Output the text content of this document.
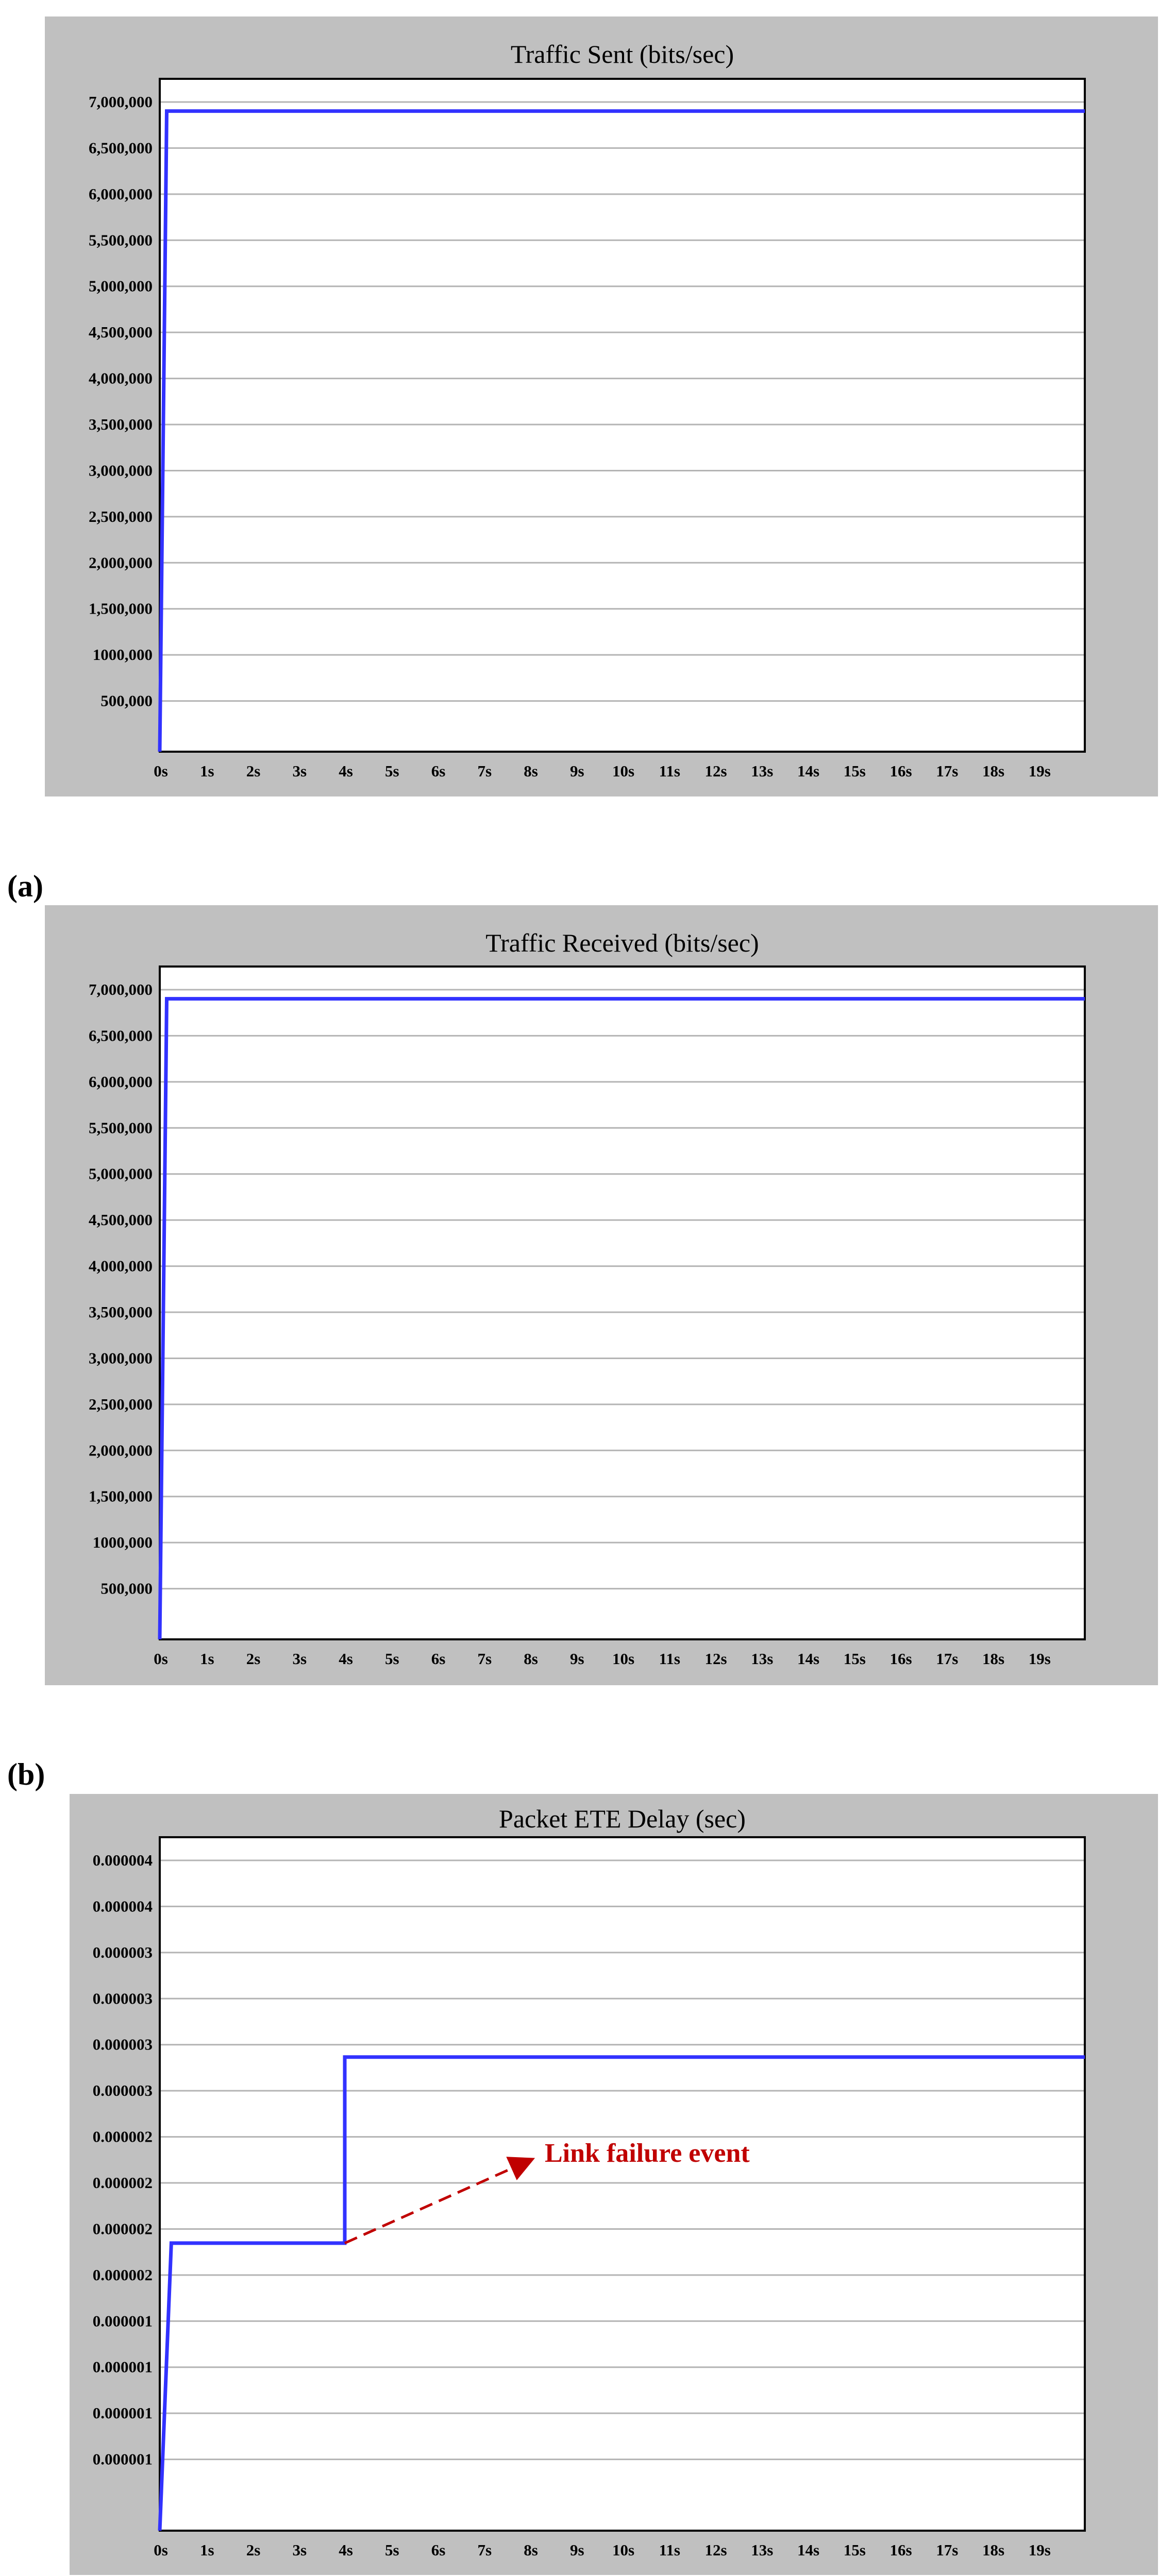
Traffic Sent (bits/sec)
7,000,000
6,500,000
6,000,000
5,500,000
5,000,000
4,500,000
4,000,000
3,500,000
3,000,000
2,500,000
2,000,000
1,500,000
1000,000
500,000
0s 1s 2s 3s 4s 5s 6s 7s 8s 9s 10s 11s 12s 13s 14s 15s 16s 17s 18s 19s
Traffic Received (bits/sec)
7,000,000
6,500,000
6,000,000
5,500,000
5,000,000
4,500,000
4,000,000
3,500,000
3,000,000
2,500,000
2,000,000
1,500,000
1000,000
500,000
0s 1s 2s 3s 4s 5s 6s 7s 8s 9s 10s 11s 12s 13s 14s 15s 16s 17s 18s 19s
Packet ETE Delay (sec)
0.000004
0.000004
0.000003
0.000003
0.000003
0.000003
0.000002
0.000002
0.000002
0.000002
0.000001
0.000001
0.000001
0.000001
0s 1s 2s 3s 4s 5s 6s 7s 8s 9s 10s 11s 12s 13s 14s 15s 16s 17s 18s 19s
Link failure event
(a)
(b)
